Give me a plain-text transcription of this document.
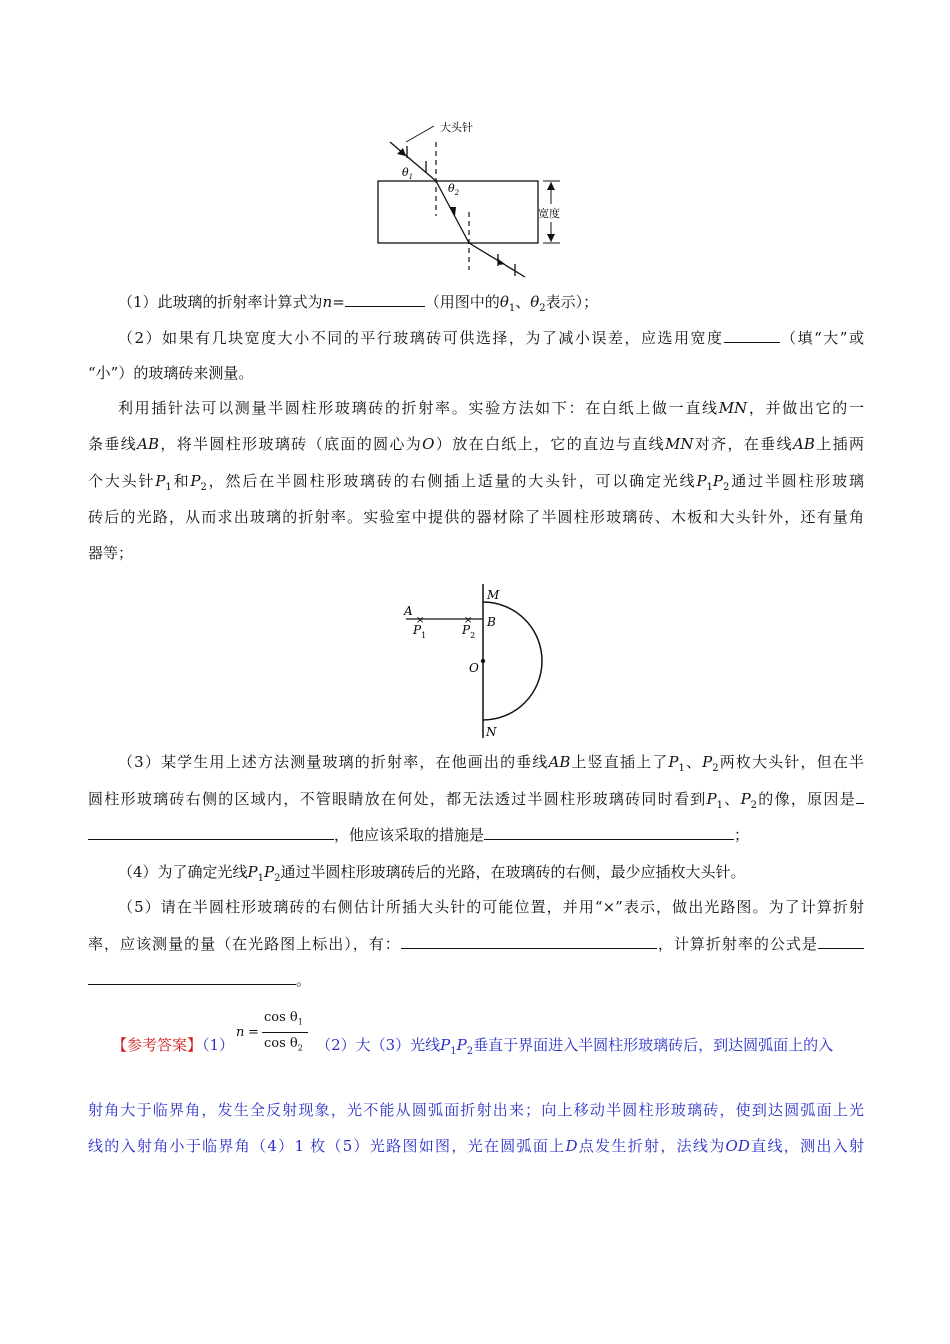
大头针
$\theta_1$
$\theta_2$
宽度
（1）此玻璃的折射率计算式为n=	（用图中的$\theta_1$、$\theta_2$表示）；
（2）如果有几块宽度大小不同的平行玻璃砖可供选择，为了减小误差，应选用宽度	（填“大”或
“小”）的玻璃砖来测量。
利用插针法可以测量半圆柱形玻璃砖的折射率。实验方法如下：在白纸上做一直线MN，并做出它的一
条垂线AB，将半圆柱形玻璃砖（底面的圆心为O）放在白纸上，它的直边与直线MN对齐，在垂线AB上插两
个大头针$P_1$和$P_2$，然后在半圆柱形玻璃砖的右侧插上适量的大头针，可以确定光线$P_1P_2$通过半圆柱形玻璃
砖后的光路，从而求出玻璃的折射率。实验室中提供的器材除了半圆柱形玻璃砖、木板和大头针外，还有量角
器等；
×	×
A
$P_1$	$P_2$
B
M
O
N
（3）某学生用上述方法测量玻璃的折射率，在他画出的垂线AB上竖直插上了$P_1$、$P_2$两枚大头针，但在半
圆柱形玻璃砖右侧的区域内，不管眼睛放在何处，都无法透过半圆柱形玻璃砖同时看到$P_1$、$P_2$的像，原因是
，他应该采取的措施是	；
（4）为了确定光线$P_1P_2$通过半圆柱形玻璃砖后的光路，在玻璃砖的右侧，最少应插枚大头针。
（5）请在半圆柱形玻璃砖的右侧估计所插大头针的可能位置，并用“×”表示，做出光路图。为了计算折射
率，应该测量的量（在光路图上标出），有：	，计算折射率的公式是
。
n =
$\cos \theta_1$
$\cos \theta_2$
【参考答案】（1）	（2）大（3）光线$P_1P_2$垂直于界面进入半圆柱形玻璃砖后，到达圆弧面上的入
射角大于临界角，发生全反射现象，光不能从圆弧面折射出来；向上移动半圆柱形玻璃砖，使到达圆弧面上光
线的入射角小于临界角（4）1 枚（5）光路图如图，光在圆弧面上D点发生折射，法线为OD直线，测出入射
